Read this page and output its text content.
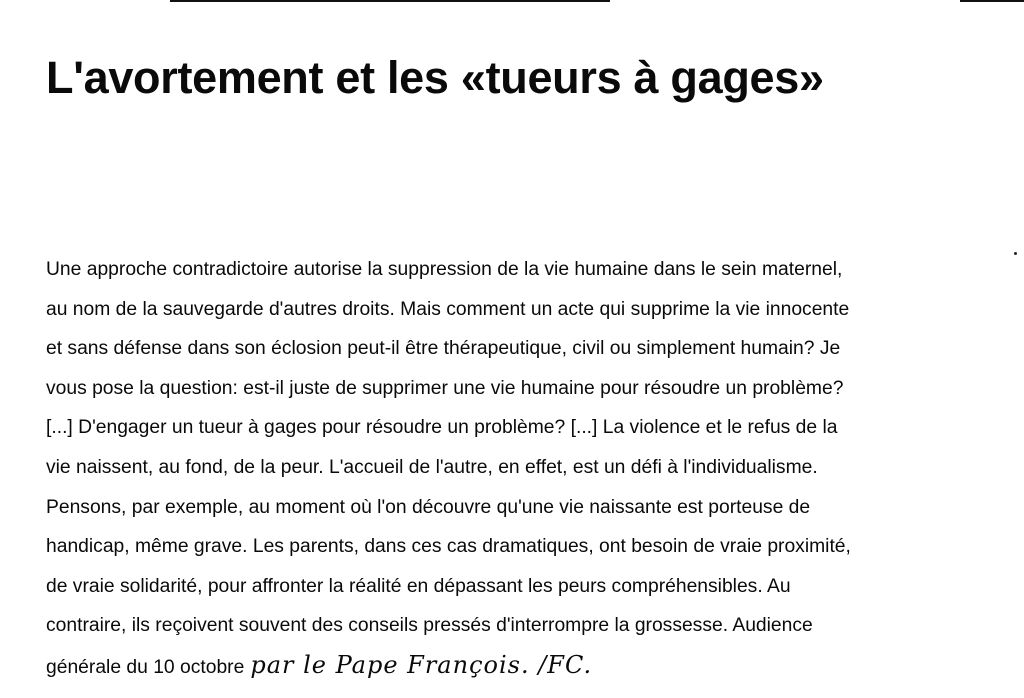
L'avortement et les «tueurs à gages»
Une approche contradictoire autorise la suppression de la vie humaine dans le sein maternel,
au nom de la sauvegarde d'autres droits. Mais comment un acte qui supprime la vie innocente
et sans défense dans son éclosion peut-il être thérapeutique, civil ou simplement humain? Je
vous pose la question: est-il juste de supprimer une vie humaine pour résoudre un problème?
[...] D'engager un tueur à gages pour résoudre un problème? [...] La violence et le refus de la
vie naissent, au fond, de la peur. L'accueil de l'autre, en effet, est un défi à l'individualisme.
Pensons, par exemple, au moment où l'on découvre qu'une vie naissante est porteuse de
handicap, même grave. Les parents, dans ces cas dramatiques, ont besoin de vraie proximité,
de vraie solidarité, pour affronter la réalité en dépassant les peurs compréhensibles. Au
contraire, ils reçoivent souvent des conseils pressés d'interrompre la grossesse. Audience
générale du 10 octobre par le Pape François. /FC.
